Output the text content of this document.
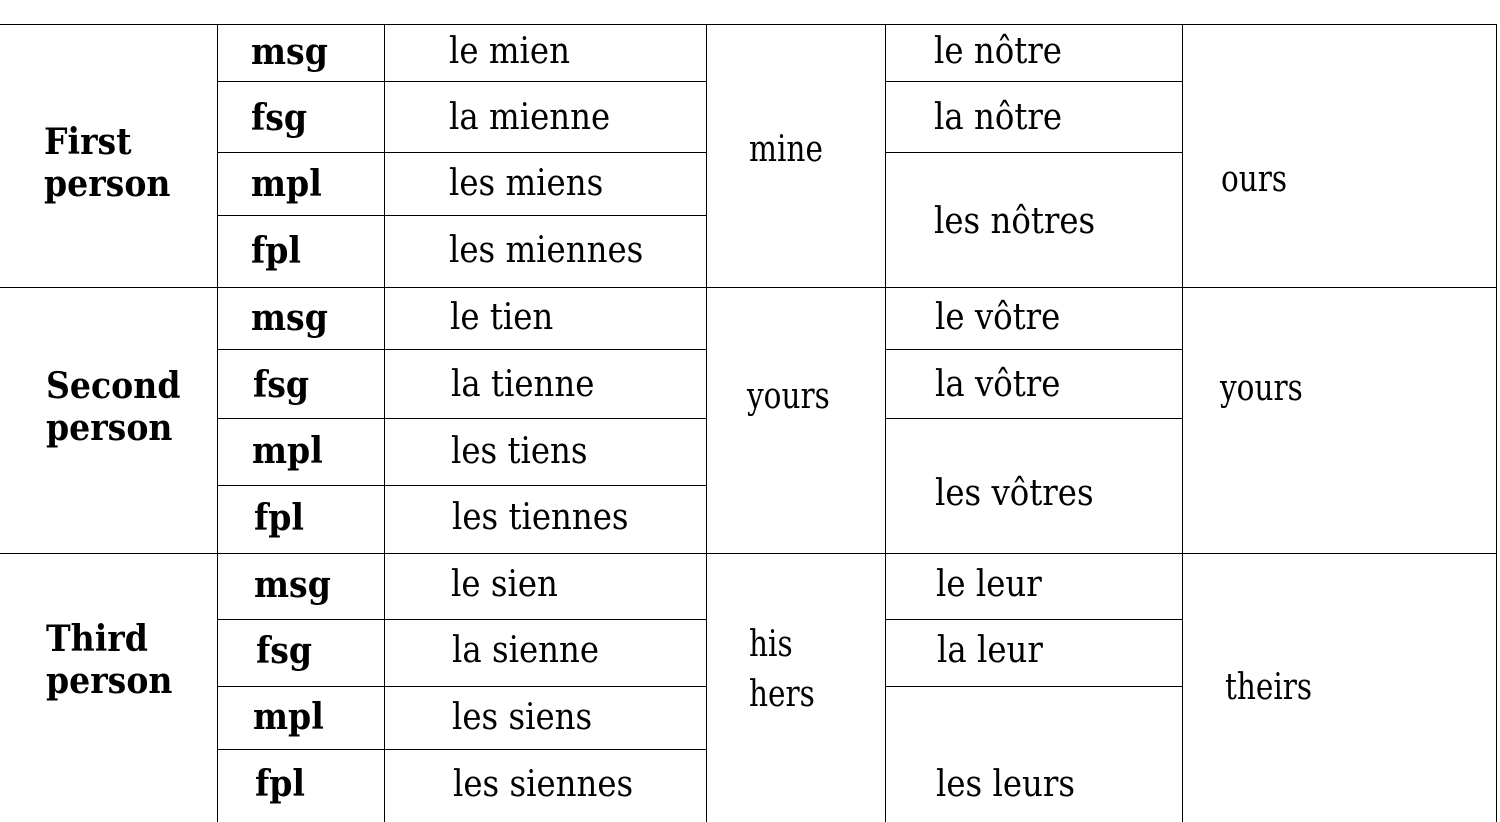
First person
msg
fsg
mpl
fpl
le mien
la mienne
les miens
les miennes
mine
le nôtre
la nôtre
les nôtres
ours
Second person
msg
fsg
mpl
fpl
le tien
la tienne
les tiens
les tiennes
yours
le vôtre
la vôtre
les vôtres
yours
Third person
msg
fsg
mpl
fpl
le sien
la sienne
les siens
les siennes
his
hers
le leur
la leur
les leurs
theirs
